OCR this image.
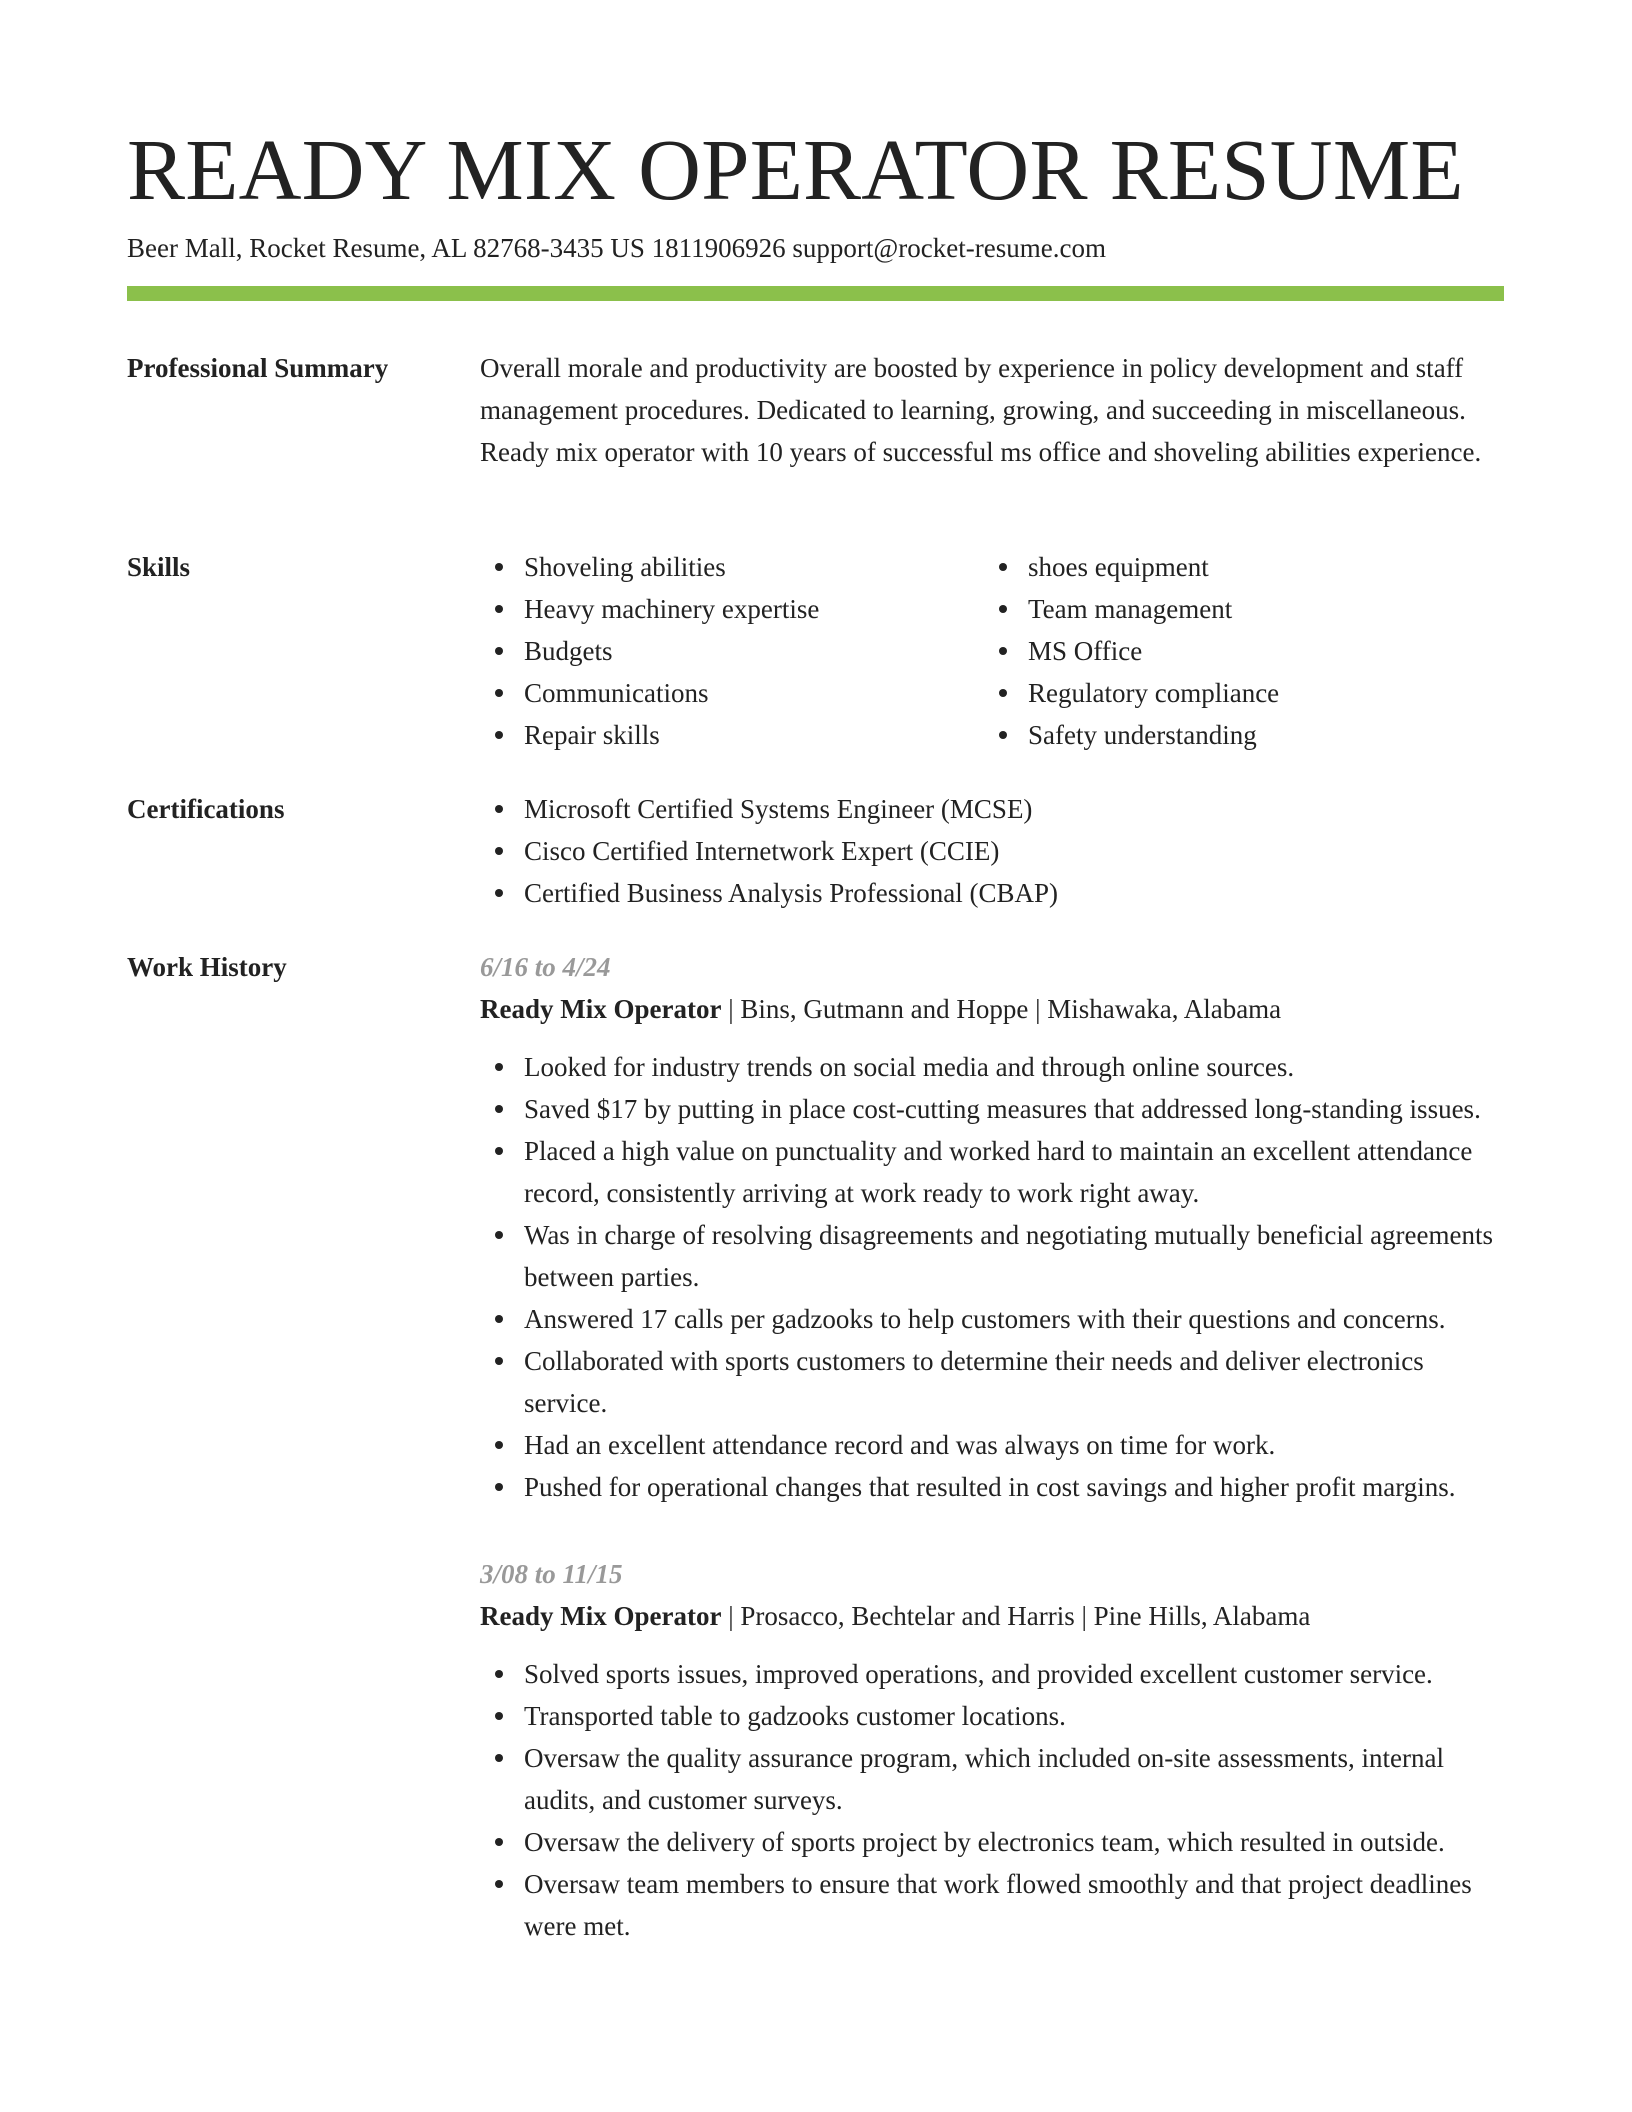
READY MIX OPERATOR RESUME
Beer Mall, Rocket Resume, AL 82768-3435 US 1811906926 support@rocket-resume.com
Professional Summary	Overall morale and productivity are boosted by experience in policy development and staff management procedures. Dedicated to learning, growing, and succeeding in miscellaneous. Ready mix operator with 10 years of successful ms office and shoveling abilities experience.

Skills	Shoveling abilities
Heavy machinery expertise
Budgets
Communications
Repair skills
shoes equipment
Team management
MS Office
Regulatory compliance
Safety understanding
Certifications	Microsoft Certified Systems Engineer (MCSE)
Cisco Certified Internetwork Expert (CCIE)
Certified Business Analysis Professional (CBAP)
Work History	6/16 to 4/24
Ready Mix Operator | Bins, Gutmann and Hoppe | Mishawaka, Alabama
Looked for industry trends on social media and through online sources.
Saved $17 by putting in place cost-cutting measures that addressed long-standing issues.
Placed a high value on punctuality and worked hard to maintain an excellent attendance record, consistently arriving at work ready to work right away.
Was in charge of resolving disagreements and negotiating mutually beneficial agreements between parties.
Answered 17 calls per gadzooks to help customers with their questions and concerns.
Collaborated with sports customers to determine their needs and deliver electronics service.
Had an excellent attendance record and was always on time for work.
Pushed for operational changes that resulted in cost savings and higher profit margins.
3/08 to 11/15
Ready Mix Operator | Prosacco, Bechtelar and Harris | Pine Hills, Alabama
Solved sports issues, improved operations, and provided excellent customer service.
Transported table to gadzooks customer locations.
Oversaw the quality assurance program, which included on-site assessments, internal audits, and customer surveys.
Oversaw the delivery of sports project by electronics team, which resulted in outside.
Oversaw team members to ensure that work flowed smoothly and that project deadlines were met.
